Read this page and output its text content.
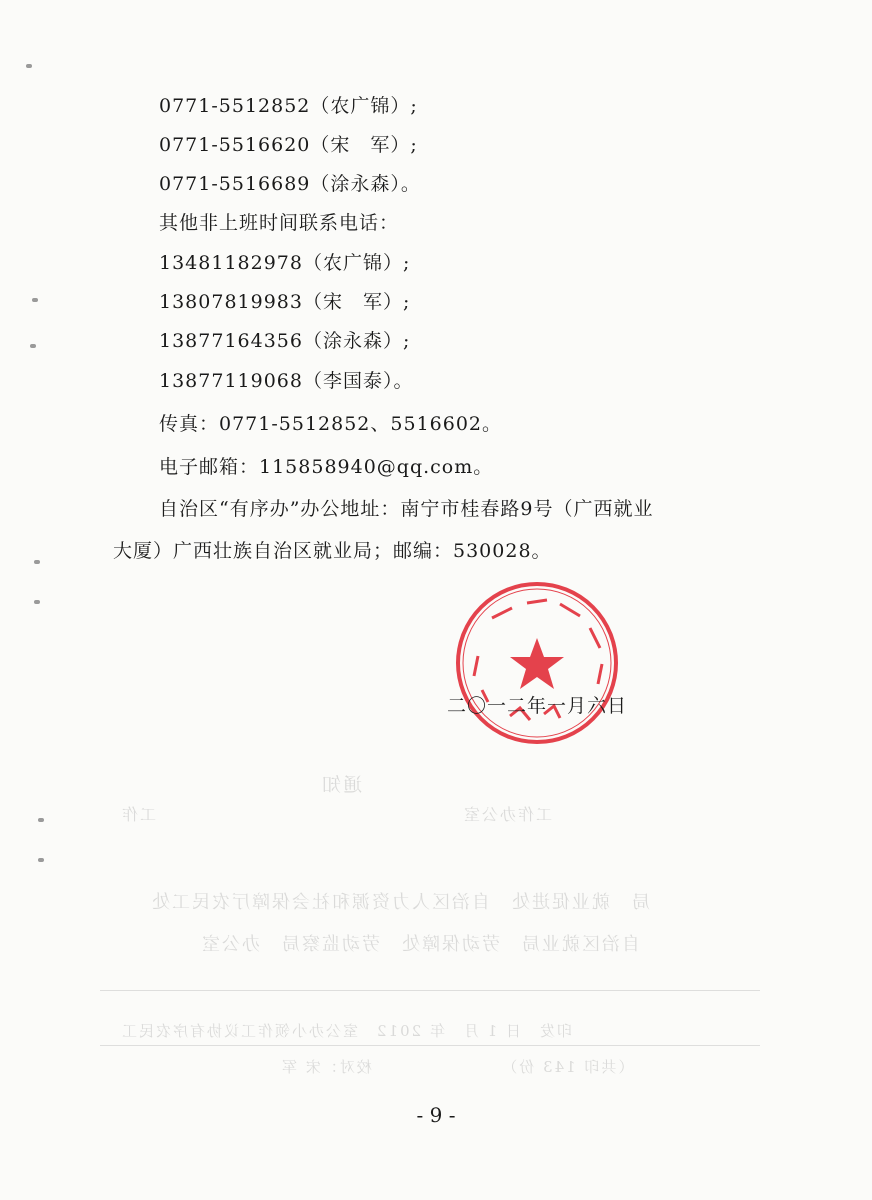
通知
工作办公室　　　　　　　　　　　　　　　　　工作
局　就业促进处　自治区人力资源和社会保障厅农民工处
自治区就业局　劳动保障处　劳动监察局　办公室
印发　日 1 月　年 2012　室公办小领作工议协有序农民工
（共印 143 份）　　　　　　　　校对：宋 军
0771-5512852（农广锦）;
0771-5516620（宋　军）;
0771-5516689（涂永森）。
其他非上班时间联系电话：
13481182978（农广锦）;
13807819983（宋　军）;
13877164356（涂永森）;
13877119068（李国泰）。
传真：0771-5512852、5516602。
电子邮箱：115858940@qq.com。
自治区“有序办”办公地址：南宁市桂春路9号（广西就业
大厦）广西壮族自治区就业局；邮编：530028。
二〇一二年一月六日
- 9 -
